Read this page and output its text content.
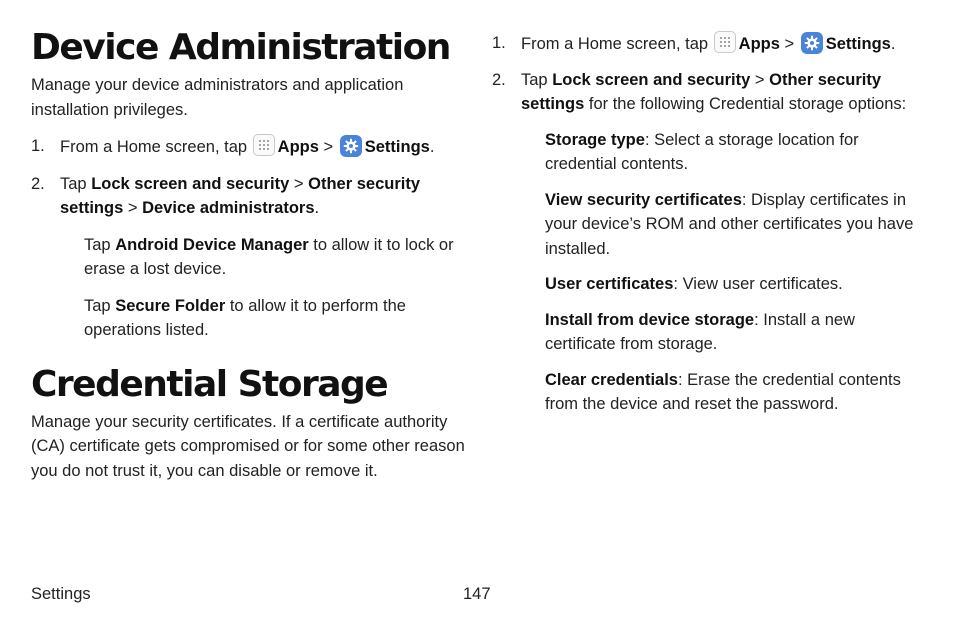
Device Administration

Manage your device administrators and application installation privileges.

1. From a Home screen, tap Apps > Settings.
2. Tap Lock screen and security > Other security settings > Device administrators.
Tap Android Device Manager to allow it to lock or erase a lost device.
Tap Secure Folder to allow it to perform the operations listed.
Credential Storage

Manage your security certificates. If a certificate authority (CA) certificate gets compromised or for some other reason you do not trust it, you can disable or remove it.

1. From a Home screen, tap Apps > Settings.
2. Tap Lock screen and security > Other security settings for the following Credential storage options:
Storage type: Select a storage location for credential contents.
View security certificates: Display certificates in your device’s ROM and other certificates you have installed.
User certificates: View user certificates.
Install from device storage: Install a new certificate from storage.
Clear credentials: Erase the credential contents from the device and reset the password.
Settings	147
